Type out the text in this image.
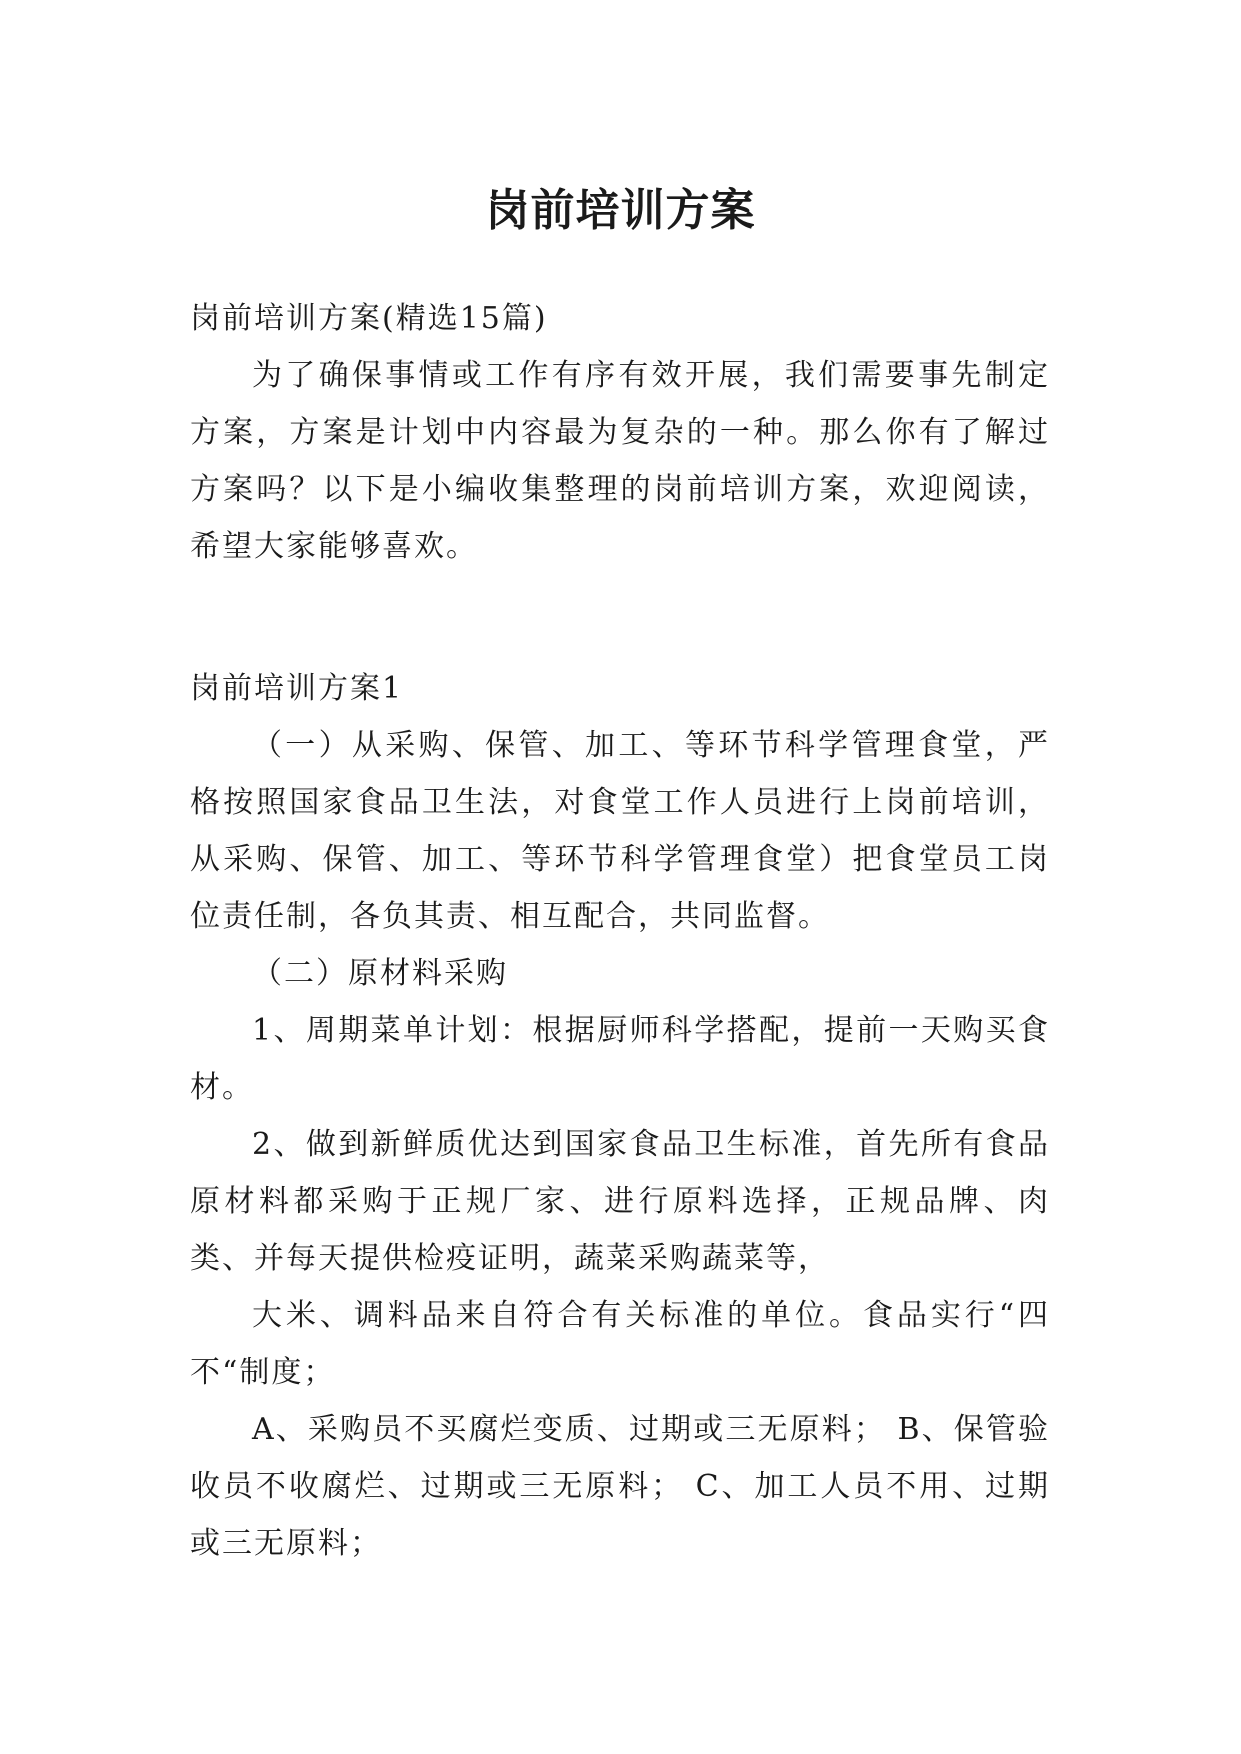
岗前培训方案

岗前培训方案(精选15篇)

为了确保事情或工作有序有效开展，我们需要事先制定方案，方案是计划中内容最为复杂的一种。那么你有了解过方案吗？以下是小编收集整理的岗前培训方案，欢迎阅读，希望大家能够喜欢。

岗前培训方案1

（一）从采购、保管、加工、等环节科学管理食堂，严格按照国家食品卫生法，对食堂工作人员进行上岗前培训，从采购、保管、加工、等环节科学管理食堂）把食堂员工岗位责任制，各负其责、相互配合，共同监督。

（二）原材料采购

1、周期菜单计划：根据厨师科学搭配，提前一天购买食材。

2、做到新鲜质优达到国家食品卫生标准，首先所有食品原材料都采购于正规厂家、进行原料选择，正规品牌、肉类、并每天提供检疫证明，蔬菜采购蔬菜等，

大米、调料品来自符合有关标准的单位。食品实行“四不“制度；

A、采购员不买腐烂变质、过期或三无原料； B、保管验收员不收腐烂、过期或三无原料； C、加工人员不用、过期或三无原料；
